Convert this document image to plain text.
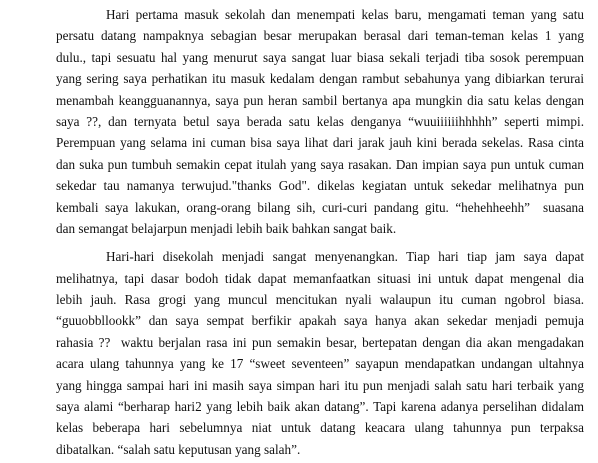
Hari pertama masuk sekolah dan menempati kelas baru, mengamati teman yang satu
persatu datang nampaknya sebagian besar merupakan berasal dari teman-teman kelas 1 yang
dulu., tapi sesuatu hal yang menurut saya sangat luar biasa sekali terjadi tiba sosok perempuan
yang sering saya perhatikan itu masuk kedalam dengan rambut sebahunya yang dibiarkan terurai
menambah keangguanannya, saya pun heran sambil bertanya apa mungkin dia satu kelas dengan
saya ??, dan ternyata betul saya berada satu kelas denganya “wuuiiiiiihhhhh” seperti mimpi.
Perempuan yang selama ini cuman bisa saya lihat dari jarak jauh kini berada sekelas. Rasa cinta
dan suka pun tumbuh semakin cepat itulah yang saya rasakan. Dan impian saya pun untuk cuman
sekedar tau namanya terwujud."thanks God". dikelas kegiatan untuk sekedar melihatnya pun
kembali saya lakukan, orang-orang bilang sih, curi-curi pandang gitu. “hehehheehh”  suasana
dan semangat belajarpun menjadi lebih baik bahkan sangat baik.
Hari-hari disekolah menjadi sangat menyenangkan. Tiap hari tiap jam saya dapat
melihatnya, tapi dasar bodoh tidak dapat memanfaatkan situasi ini untuk dapat mengenal dia
lebih jauh. Rasa grogi yang muncul mencitukan nyali walaupun itu cuman ngobrol biasa.
“guuobbllookk” dan saya sempat berfikir apakah saya hanya akan sekedar menjadi pemuja
rahasia ??  waktu berjalan rasa ini pun semakin besar, bertepatan dengan dia akan mengadakan
acara ulang tahunnya yang ke 17 “sweet seventeen” sayapun mendapatkan undangan ultahnya
yang hingga sampai hari ini masih saya simpan hari itu pun menjadi salah satu hari terbaik yang
saya alami “berharap hari2 yang lebih baik akan datang”. Tapi karena adanya perselihan didalam
kelas beberapa hari sebelumnya niat untuk datang keacara ulang tahunnya pun terpaksa
dibatalkan. “salah satu keputusan yang salah”.
